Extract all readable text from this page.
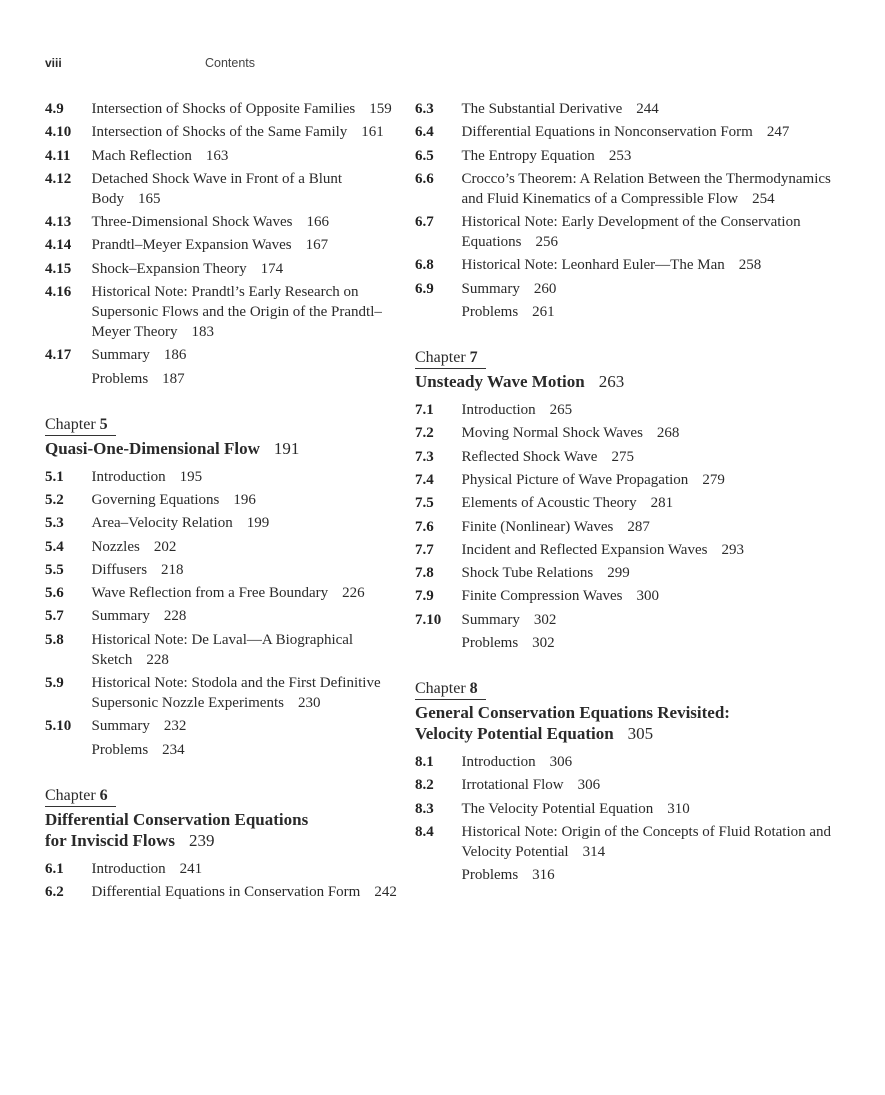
viii	Contents
4.9	Intersection of Shocks of Opposite Families 159
4.10	Intersection of Shocks of the Same Family 161
4.11	Mach Reflection 163
4.12	Detached Shock Wave in Front of a Blunt Body 165
4.13	Three-Dimensional Shock Waves 166
4.14	Prandtl–Meyer Expansion Waves 167
4.15	Shock–Expansion Theory 174
4.16	Historical Note: Prandtl’s Early Research on Supersonic Flows and the Origin of the Prandtl–Meyer Theory 183
4.17	Summary 186
Problems 187
Chapter 5
Quasi-One-Dimensional Flow 191
5.1	Introduction 195
5.2	Governing Equations 196
5.3	Area–Velocity Relation 199
5.4	Nozzles 202
5.5	Diffusers 218
5.6	Wave Reflection from a Free Boundary 226
5.7	Summary 228
5.8	Historical Note: De Laval—A Biographical Sketch 228
5.9	Historical Note: Stodola and the First Definitive Supersonic Nozzle Experiments 230
5.10	Summary 232
Problems 234
Chapter 6
Differential Conservation Equations
for Inviscid Flows 239
6.1	Introduction 241
6.2	Differential Equations in Conservation Form 242
6.3	The Substantial Derivative 244
6.4	Differential Equations in Nonconservation Form 247
6.5	The Entropy Equation 253
6.6	Crocco’s Theorem: A Relation Between the Thermodynamics and Fluid Kinematics of a Compressible Flow 254
6.7	Historical Note: Early Development of the Conservation Equations 256
6.8	Historical Note: Leonhard Euler—The Man 258
6.9	Summary 260
Problems 261
Chapter 7
Unsteady Wave Motion 263
7.1	Introduction 265
7.2	Moving Normal Shock Waves 268
7.3	Reflected Shock Wave 275
7.4	Physical Picture of Wave Propagation 279
7.5	Elements of Acoustic Theory 281
7.6	Finite (Nonlinear) Waves 287
7.7	Incident and Reflected Expansion Waves 293
7.8	Shock Tube Relations 299
7.9	Finite Compression Waves 300
7.10	Summary 302
Problems 302
Chapter 8
General Conservation Equations Revisited:
Velocity Potential Equation 305
8.1	Introduction 306
8.2	Irrotational Flow 306
8.3	The Velocity Potential Equation 310
8.4	Historical Note: Origin of the Concepts of Fluid Rotation and Velocity Potential 314
Problems 316
